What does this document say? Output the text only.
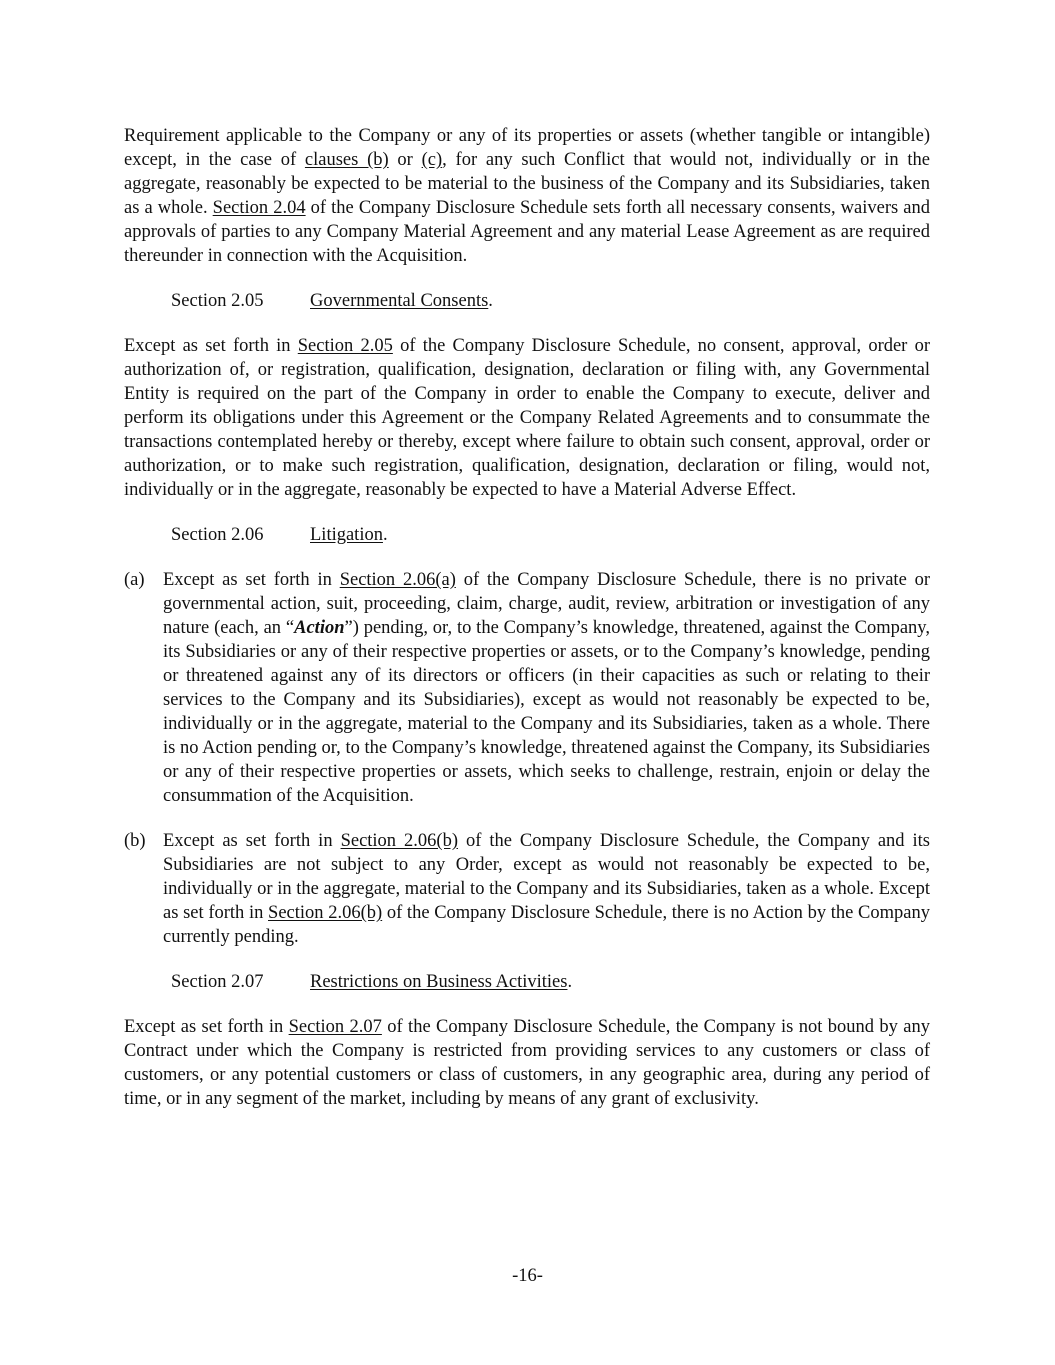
Requirement applicable to the Company or any of its properties or assets (whether tangible or intangible) except, in the case of clauses (b) or (c), for any such Conflict that would not, individually or in the aggregate, reasonably be expected to be material to the business of the Company and its Subsidiaries, taken as a whole. Section 2.04 of the Company Disclosure Schedule sets forth all necessary consents, waivers and approvals of parties to any Company Material Agreement and any material Lease Agreement as are required thereunder in connection with the Acquisition.

Section 2.05	Governmental Consents.

Except as set forth in Section 2.05 of the Company Disclosure Schedule, no consent, approval, order or authorization of, or registration, qualification, designation, declaration or filing with, any Governmental Entity is required on the part of the Company in order to enable the Company to execute, deliver and perform its obligations under this Agreement or the Company Related Agreements and to consummate the transactions contemplated hereby or thereby, except where failure to obtain such consent, approval, order or authorization, or to make such registration, qualification, designation, declaration or filing, would not, individually or in the aggregate, reasonably be expected to have a Material Adverse Effect.

Section 2.06	Litigation.
(a) Except as set forth in Section 2.06(a) of the Company Disclosure Schedule, there is no private or governmental action, suit, proceeding, claim, charge, audit, review, arbitration or investigation of any nature (each, an “Action”) pending, or, to the Company’s knowledge, threatened, against the Company, its Subsidiaries or any of their respective properties or assets, or to the Company’s knowledge, pending or threatened against any of its directors or officers (in their capacities as such or relating to their services to the Company and its Subsidiaries), except as would not reasonably be expected to be, individually or in the aggregate, material to the Company and its Subsidiaries, taken as a whole. There is no Action pending or, to the Company’s knowledge, threatened against the Company, its Subsidiaries or any of their respective properties or assets, which seeks to challenge, restrain, enjoin or delay the consummation of the Acquisition.
(b) Except as set forth in Section 2.06(b) of the Company Disclosure Schedule, the Company and its Subsidiaries are not subject to any Order, except as would not reasonably be expected to be, individually or in the aggregate, material to the Company and its Subsidiaries, taken as a whole. Except as set forth in Section 2.06(b) of the Company Disclosure Schedule, there is no Action by the Company currently pending.
Section 2.07	Restrictions on Business Activities.

Except as set forth in Section 2.07 of the Company Disclosure Schedule, the Company is not bound by any Contract under which the Company is restricted from providing services to any customers or class of customers, or any potential customers or class of customers, in any geographic area, during any period of time, or in any segment of the market, including by means of any grant of exclusivity.

-16-
